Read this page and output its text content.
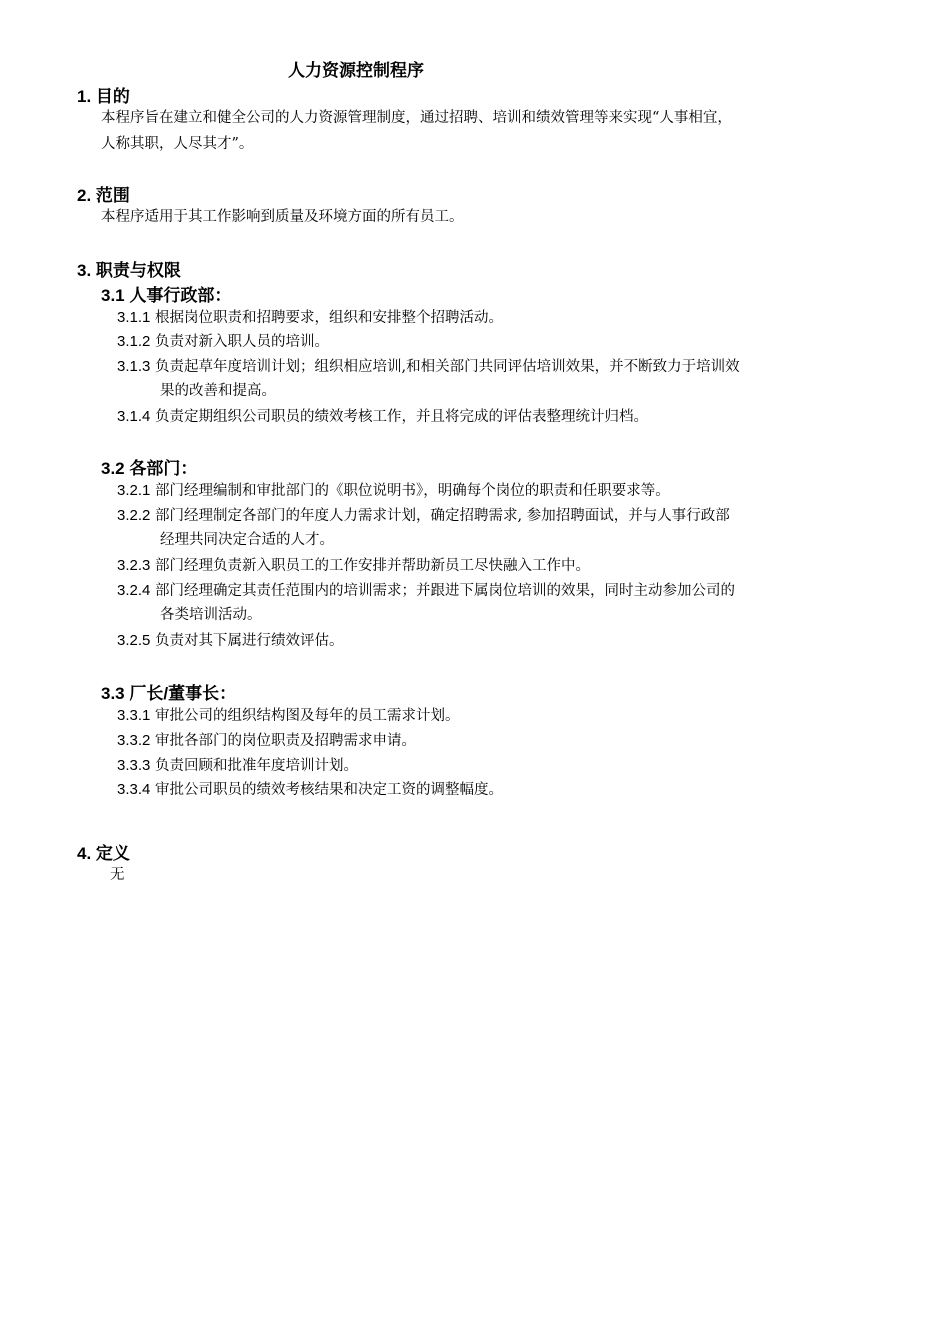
人力资源控制程序
1. 目的
本程序旨在建立和健全公司的人力资源管理制度，通过招聘、培训和绩效管理等来实现“人事相宜，
人称其职，人尽其才”。
2. 范围
本程序适用于其工作影响到质量及环境方面的所有员工。
3. 职责与权限
3.1 人事行政部：
3.1.1 根据岗位职责和招聘要求，组织和安排整个招聘活动。
3.1.2 负责对新入职人员的培训。
3.1.3 负责起草年度培训计划；组织相应培训,和相关部门共同评估培训效果，并不断致力于培训效
果的改善和提高。
3.1.4 负责定期组织公司职员的绩效考核工作，并且将完成的评估表整理统计归档。
3.2 各部门：
3.2.1 部门经理编制和审批部门的《职位说明书》，明确每个岗位的职责和任职要求等。
3.2.2 部门经理制定各部门的年度人力需求计划，确定招聘需求, 参加招聘面试，并与人事行政部
经理共同决定合适的人才。
3.2.3 部门经理负责新入职员工的工作安排并帮助新员工尽快融入工作中。
3.2.4 部门经理确定其责任范围内的培训需求；并跟进下属岗位培训的效果，同时主动参加公司的
各类培训活动。
3.2.5 负责对其下属进行绩效评估。
3.3 厂长/董事长：
3.3.1 审批公司的组织结构图及每年的员工需求计划。
3.3.2 审批各部门的岗位职责及招聘需求申请。
3.3.3 负责回顾和批准年度培训计划。
3.3.4 审批公司职员的绩效考核结果和决定工资的调整幅度。
4. 定义
无
